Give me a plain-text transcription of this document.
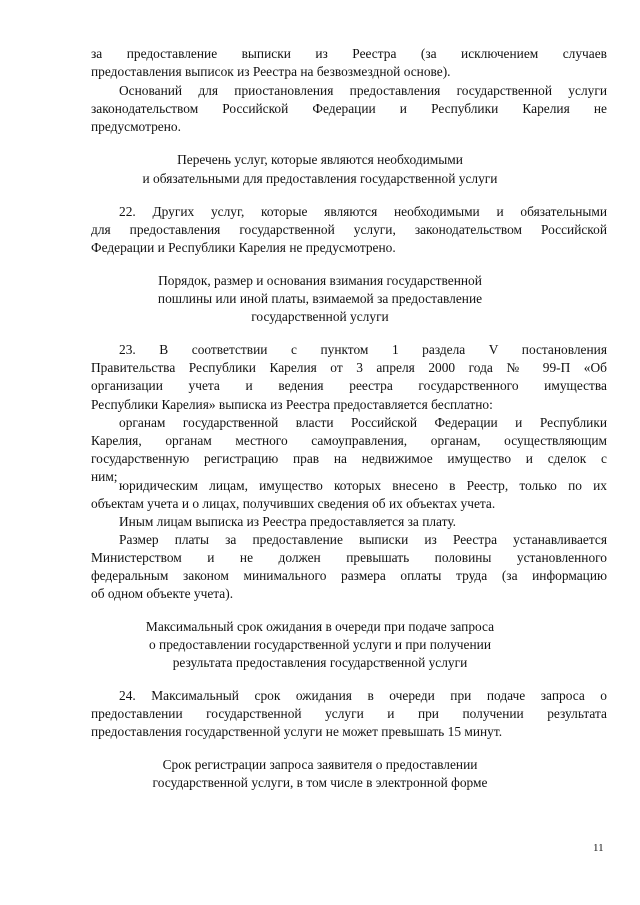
за предоставление выписки из Реестра (за исключением случаев
предоставления выписок из Реестра на безвозмездной основе).
Оснований для приостановления предоставления государственной услуги
законодательством Российской Федерации и Республики Карелия не
предусмотрено.
Перечень услуг, которые являются необходимыми
и обязательными для предоставления государственной услуги
22. Других услуг, которые являются необходимыми и обязательными
для предоставления государственной услуги, законодательством Российской
Федерации и Республики Карелия не предусмотрено.
Порядок, размер и основания взимания государственной
пошлины или иной платы, взимаемой за предоставление
государственной услуги
23. В соответствии с пунктом 1 раздела V постановления
Правительства Республики Карелия от 3 апреля 2000 года № 99-П «Об
организации учета и ведения реестра государственного имущества
Республики Карелия» выписка из Реестра предоставляется бесплатно:
органам государственной власти Российской Федерации и Республики
Карелия, органам местного самоуправления, органам, осуществляющим
государственную регистрацию прав на недвижимое имущество и сделок с
ним;
юридическим лицам, имущество которых внесено в Реестр, только по их
объектам учета и о лицах, получивших сведения об их объектах учета.
Иным лицам выписка из Реестра предоставляется за плату.
Размер платы за предоставление выписки из Реестра устанавливается
Министерством и не должен превышать половины установленного
федеральным законом минимального размера оплаты труда (за информацию
об одном объекте учета).
Максимальный срок ожидания в очереди при подаче запроса
о предоставлении государственной услуги и при получении
результата предоставления государственной услуги
24. Максимальный срок ожидания в очереди при подаче запроса о
предоставлении государственной услуги и при получении результата
предоставления государственной услуги не может превышать 15 минут.
Срок регистрации запроса заявителя о предоставлении
государственной услуги, в том числе в электронной форме
11
